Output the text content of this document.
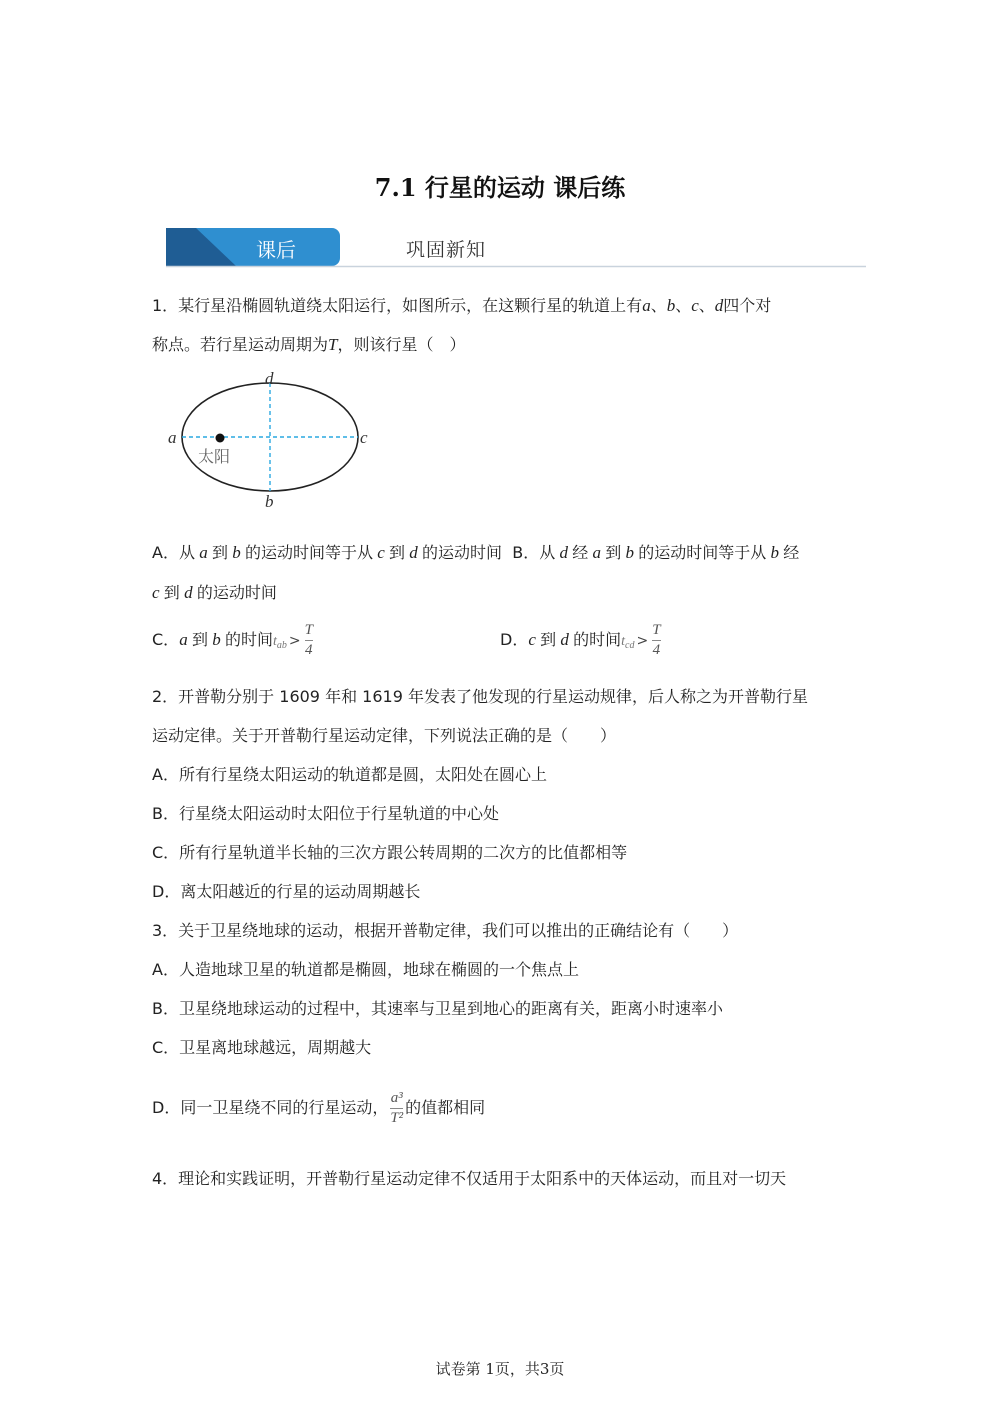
7.1 行星的运动 课后练
课后	巩固新知
1．某行星沿椭圆轨道绕太阳运行，如图所示，在这颗行星的轨道上有a、b、c、d四个对
称点。若行星运动周期为T，则该行星（　）
a	c
d
b
太阳
A．从 a 到 b 的运动时间等于从 c 到 d 的运动时间 B．从 d 经 a 到 b 的运动时间等于从 b 经
c 到 d 的运动时间
C．a 到 b 的时间$t_{ab} > \frac{T}{4}$	D．c 到 d 的时间$t_{cd} > \frac{T}{4}$
2．开普勒分别于 1609 年和 1619 年发表了他发现的行星运动规律，后人称之为开普勒行星
运动定律。关于开普勒行星运动定律，下列说法正确的是（　　）
A．所有行星绕太阳运动的轨道都是圆，太阳处在圆心上
B．行星绕太阳运动时太阳位于行星轨道的中心处
C．所有行星轨道半长轴的三次方跟公转周期的二次方的比值都相等
D．离太阳越近的行星的运动周期越长
3．关于卫星绕地球的运动，根据开普勒定律，我们可以推出的正确结论有（　　）
A．人造地球卫星的轨道都是椭圆，地球在椭圆的一个焦点上
B．卫星绕地球运动的过程中，其速率与卫星到地心的距离有关，距离小时速率小
C．卫星离地球越远，周期越大
D．同一卫星绕不同的行星运动， $\frac{\text{a³}}{\text{T²}}$ 的值都相同
4．理论和实践证明，开普勒行星运动定律不仅适用于太阳系中的天体运动，而且对一切天
试卷第 1页，共3页
